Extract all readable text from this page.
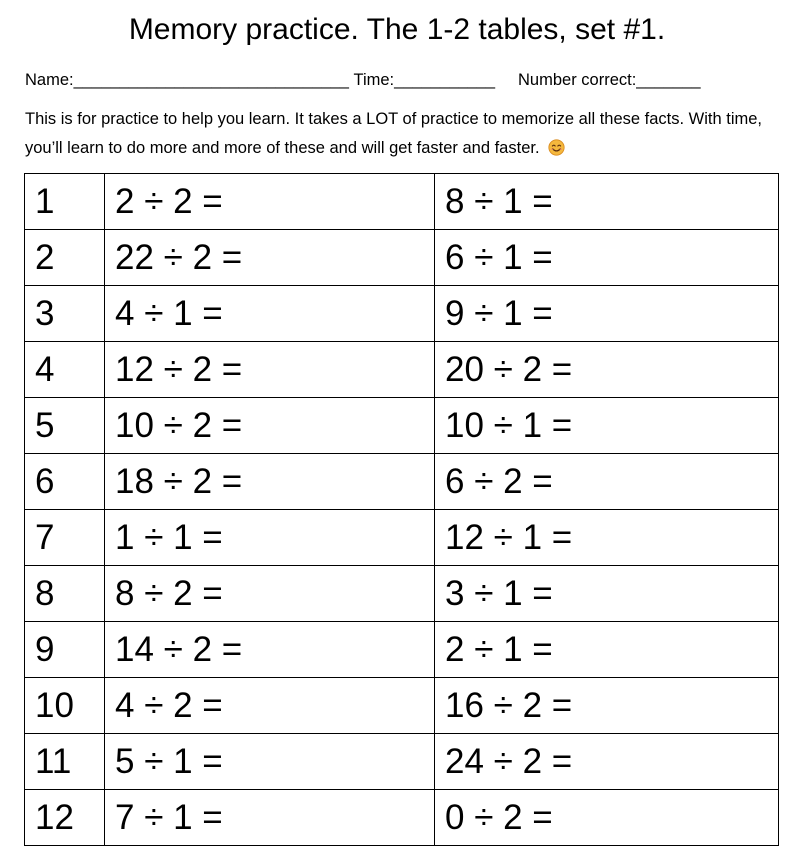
Memory practice. The 1-2 tables, set #1.
Name:______________________________ Time:___________ Number correct:_______
This is for practice to help you learn. It takes a LOT of practice to memorize all these facts. With time, you’ll learn to do more and more of these and will get faster and faster.
1	2 ÷ 2 =	8 ÷ 1 =
2	22 ÷ 2 =	6 ÷ 1 =
3	4 ÷ 1 =	9 ÷ 1 =
4	12 ÷ 2 =	20 ÷ 2 =
5	10 ÷ 2 =	10 ÷ 1 =
6	18 ÷ 2 =	6 ÷ 2 =
7	1 ÷ 1 =	12 ÷ 1 =
8	8 ÷ 2 =	3 ÷ 1 =
9	14 ÷ 2 =	2 ÷ 1 =
10	4 ÷ 2 =	16 ÷ 2 =
11	5 ÷ 1 =	24 ÷ 2 =
12	7 ÷ 1 =	0 ÷ 2 =
